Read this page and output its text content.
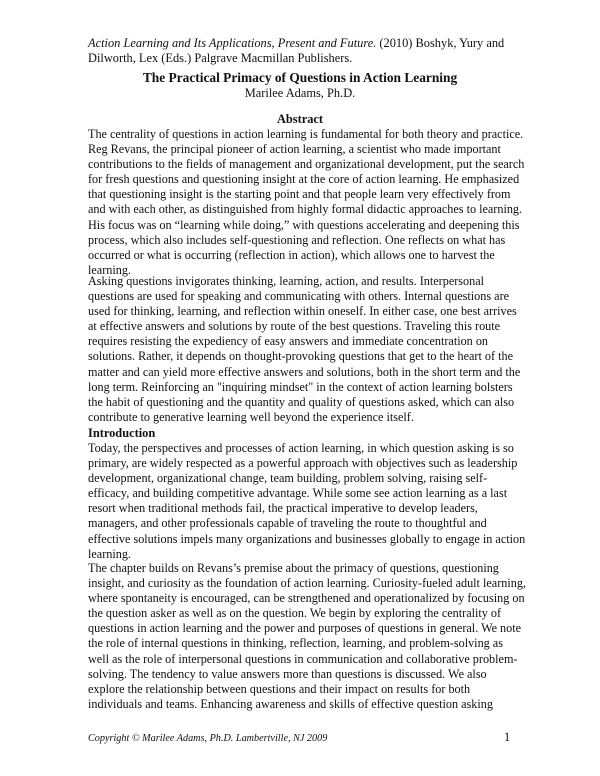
Action Learning and Its Applications, Present and Future. (2010) Boshyk, Yury and
Dilworth, Lex (Eds.) Palgrave Macmillan Publishers.
The Practical Primacy of Questions in Action Learning
Marilee Adams, Ph.D.
Abstract
The centrality of questions in action learning is fundamental for both theory and practice.
Reg Revans, the principal pioneer of action learning, a scientist who made important
contributions to the fields of management and organizational development, put the search
for fresh questions and questioning insight at the core of action learning. He emphasized
that questioning insight is the starting point and that people learn very effectively from
and with each other, as distinguished from highly formal didactic approaches to learning.
His focus was on “learning while doing,” with questions accelerating and deepening this
process, which also includes self-questioning and reflection. One reflects on what has
occurred or what is occurring (reflection in action), which allows one to harvest the
learning.
Asking questions invigorates thinking, learning, action, and results. Interpersonal
questions are used for speaking and communicating with others. Internal questions are
used for thinking, learning, and reflection within oneself. In either case, one best arrives
at effective answers and solutions by route of the best questions. Traveling this route
requires resisting the expediency of easy answers and immediate concentration on
solutions. Rather, it depends on thought-provoking questions that get to the heart of the
matter and can yield more effective answers and solutions, both in the short term and the
long term. Reinforcing an "inquiring mindset" in the context of action learning bolsters
the habit of questioning and the quantity and quality of questions asked, which can also
contribute to generative learning well beyond the experience itself.
Introduction
Today, the perspectives and processes of action learning, in which question asking is so
primary, are widely respected as a powerful approach with objectives such as leadership
development, organizational change, team building, problem solving, raising self-
efficacy, and building competitive advantage. While some see action learning as a last
resort when traditional methods fail, the practical imperative to develop leaders,
managers, and other professionals capable of traveling the route to thoughtful and
effective solutions impels many organizations and businesses globally to engage in action
learning.
The chapter builds on Revans’s premise about the primacy of questions, questioning
insight, and curiosity as the foundation of action learning. Curiosity-fueled adult learning,
where spontaneity is encouraged, can be strengthened and operationalized by focusing on
the question asker as well as on the question. We begin by exploring the centrality of
questions in action learning and the power and purposes of questions in general. We note
the role of internal questions in thinking, reflection, learning, and problem-solving as
well as the role of interpersonal questions in communication and collaborative problem-
solving. The tendency to value answers more than questions is discussed. We also
explore the relationship between questions and their impact on results for both
individuals and teams. Enhancing awareness and skills of effective question asking
Copyright © Marilee Adams, Ph.D. Lambertville, NJ 2009	1
